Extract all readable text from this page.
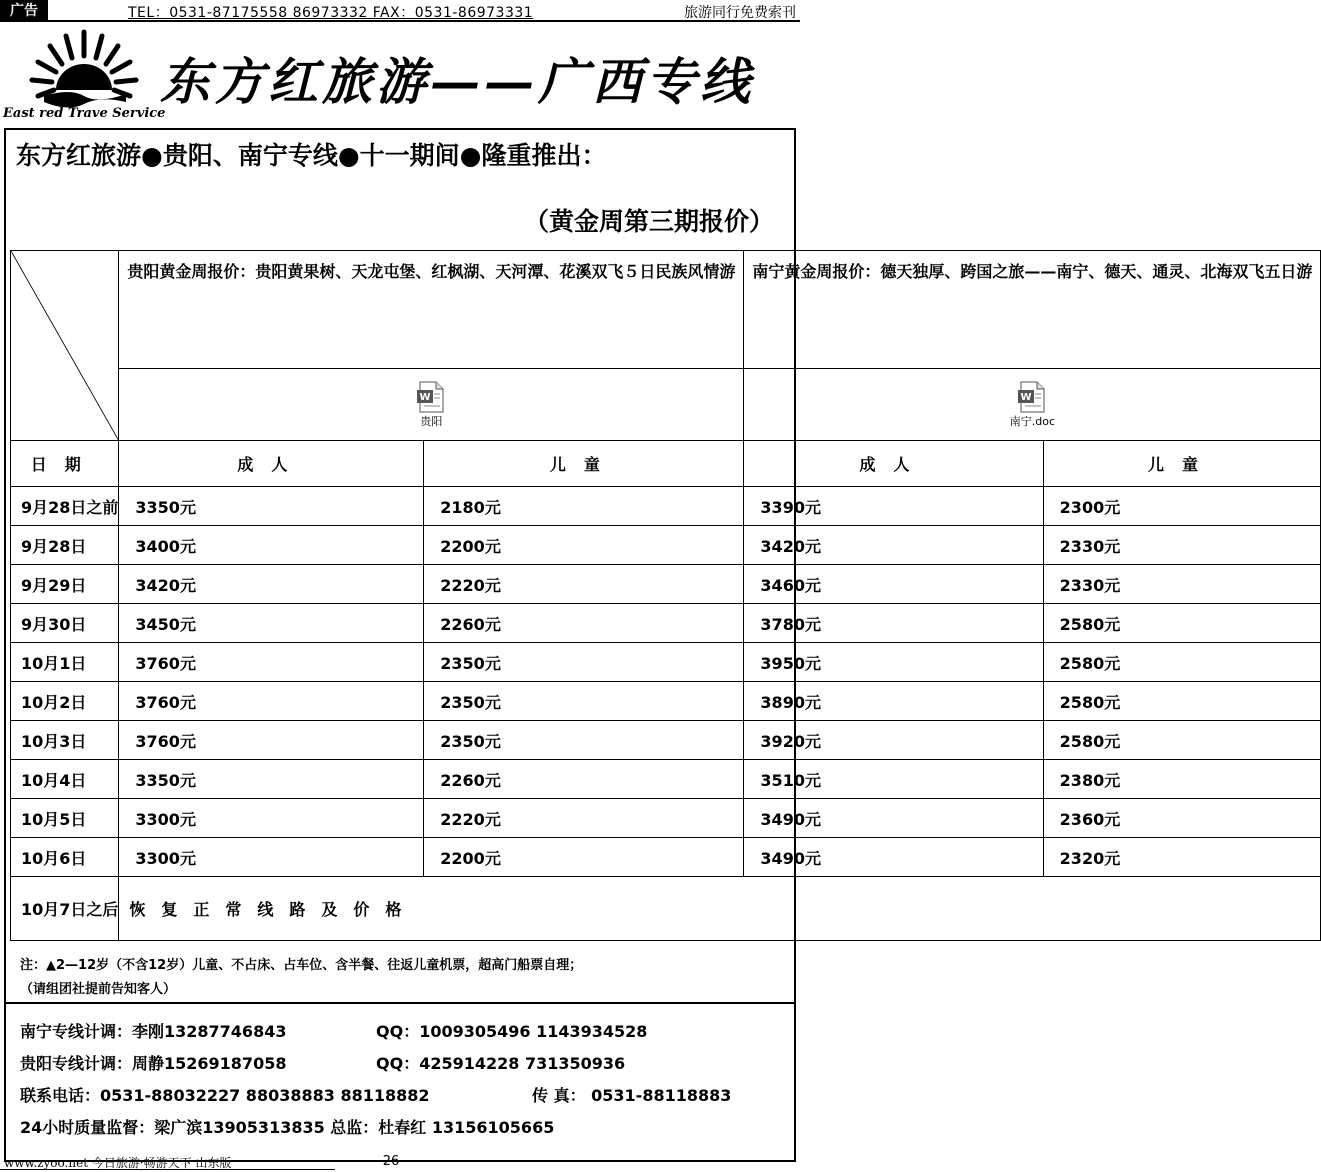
广告	TEL：0531-87175558 86973332 FAX：0531-86973331	旅游同行免费索刊
东方红旅游——广西专线
East red Trave Service
东方红旅游●贵阳、南宁专线●十一期间●隆重推出：
（黄金周第三期报价）
	贵阳黄金周报价：贵阳黄果树、天龙屯堡、红枫湖、天河潭、花溪双飞５日民族风情游		南宁黄金周报价：德天独厚、跨国之旅——南宁、德天、通灵、北海双飞五日游	

W
贵阳		W
南宁.doc	

日期	成人	儿童	成人	儿童
9月28日之前	3350元	2180元	3390元	2300元
9月28日	3400元	2200元	3420元	2330元
9月29日	3420元	2220元	3460元	2330元
9月30日	3450元	2260元	3780元	2580元
10月1日	3760元	2350元	3950元	2580元
10月2日	3760元	2350元	3890元	2580元
10月3日	3760元	2350元	3920元	2580元
10月4日	3350元	2260元	3510元	2380元
10月5日	3300元	2220元	3490元	2360元
10月6日	3300元	2200元	3490元	2320元
10月7日之后	恢复正常线路及价格			
注：▲2—12岁（不含12岁）儿童、不占床、占车位、含半餐、往返儿童机票，超高门船票自理；
（请组团社提前告知客人）
南宁专线计调：李刚13287746843	QQ：1009305496 1143934528
贵阳专线计调：周静15269187058	QQ：425914228 731350936
联系电话：0531-88032227 88038883 88118882	传 真： 0531-88118883
24小时质量监督：梁广滨13905313835 总监：杜春红 13156105665
www.zyoo.net 今日旅游·畅游天下 山东版	-26-
